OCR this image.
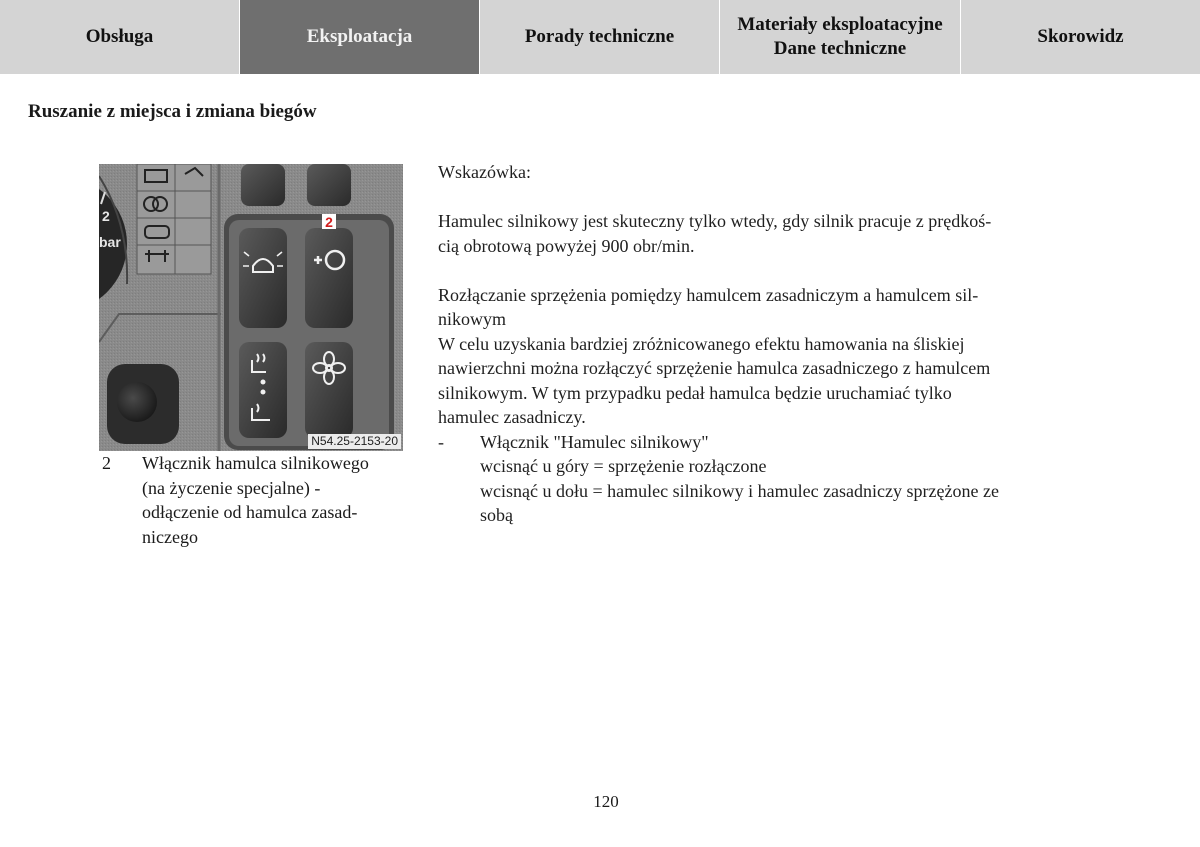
Obsługa	Eksploatacja	Porady techniczne
Materiały eksploatacyjne
Dane techniczne
Skorowidz
Ruszanie z miejsca i zmiana biegów
2
bar
2
N54.25-2153-20
2 Włącznik hamulca silnikowego
(na życzenie specjalne) -
odłączenie od hamulca zasad-
niczego

Wskazówka:

Hamulec silnikowy jest skuteczny tylko wtedy, gdy silnik pracuje z prędkoś-

cią obrotową powyżej 900 obr/min.

Rozłączanie sprzężenia pomiędzy hamulcem zasadniczym a hamulcem sil-

nikowym

W celu uzyskania bardziej zróżnicowanego efektu hamowania na śliskiej

nawierzchni można rozłączyć sprzężenie hamulca zasadniczego z hamulcem

silnikowym. W tym przypadku pedał hamulca będzie uruchamiać tylko

hamulec zasadniczy.

- Włącznik "Hamulec silnikowy"

wcisnąć u góry = sprzężenie rozłączone

wcisnąć u dołu = hamulec silnikowy i hamulec zasadniczy sprzężone ze

sobą

120
